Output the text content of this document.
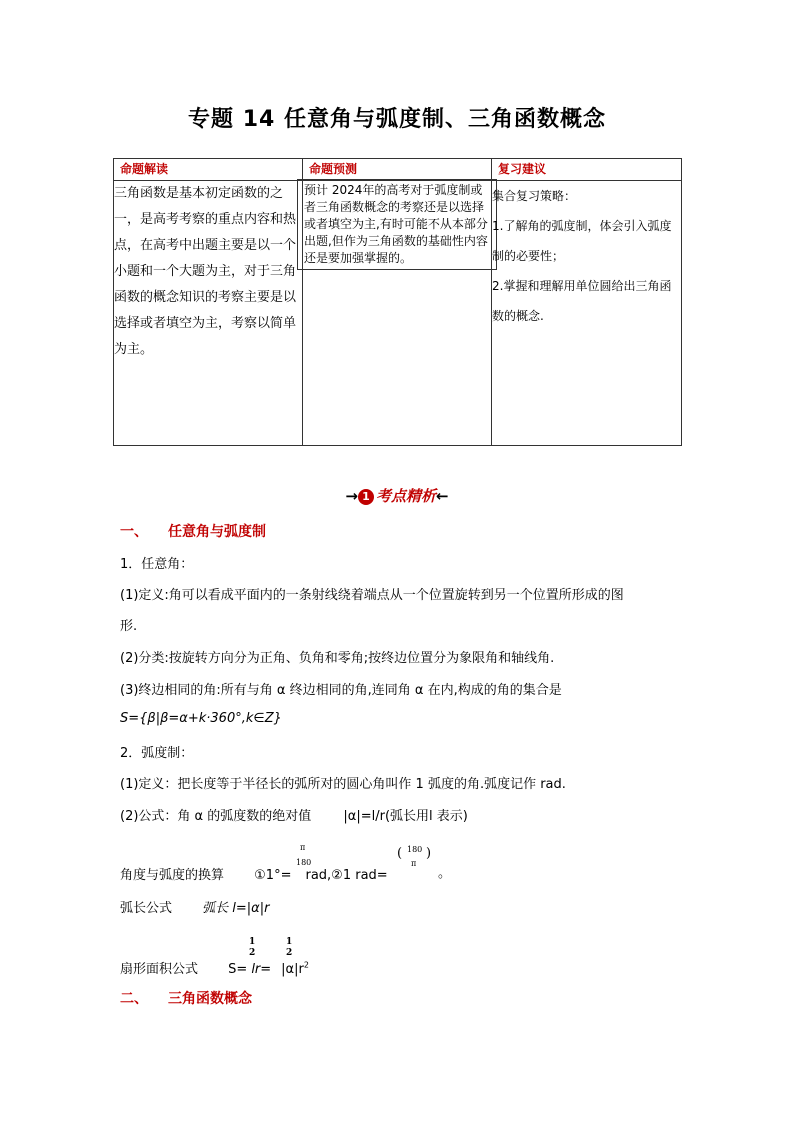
专题 14 任意角与弧度制、三角函数概念
命题解读	命题预测	复习建议
三角函数是基本初定函数的之一，是高考考察的重点内容和热点，在高考中出题主要是以一个小题和一个大题为主，对于三角函数的概念知识的考察主要是以选择或者填空为主，考察以简单为主。	预计 2024年的高考对于弧度制或者三角函数概念的考察还是以选择或者填空为主,有时可能不从本部分出题,但作为三角函数的基础性内容还是要加强掌握的。	集合复习策略：

1.了解角的弧度制，体会引入弧度制的必要性；

2.掌握和理解用单位圆给出三角函数的概念.

→ 1 考点精析←
一、 任意角与弧度制
1．任意角：
(1)定义:角可以看成平面内的一条射线绕着端点从一个位置旋转到另一个位置所形成的图
形.
(2)分类:按旋转方向分为正角、负角和零角;按终边位置分为象限角和轴线角.
(3)终边相同的角:所有与角 α 终边相同的角,连同角 α 在内,构成的角的集合是
S={β|β=α+k·360°,k∈Z}
2．弧度制：
(1)定义：把长度等于半径长的弧所对的圆心角叫作 1 弧度的角.弧度记作 rad.
(2)公式：角 α 的弧度数的绝对值 |α|=l/r(弧长用l 表示)
角度与弧度的换算 ①1°= rad,②1 rad=
π
180
( 180
π
)
。
弧长公式 弧长 l=|α|r
扇形面积公式 $S= lr= |\alpha|r^2$
1
2
1
2
二、 三角函数概念
